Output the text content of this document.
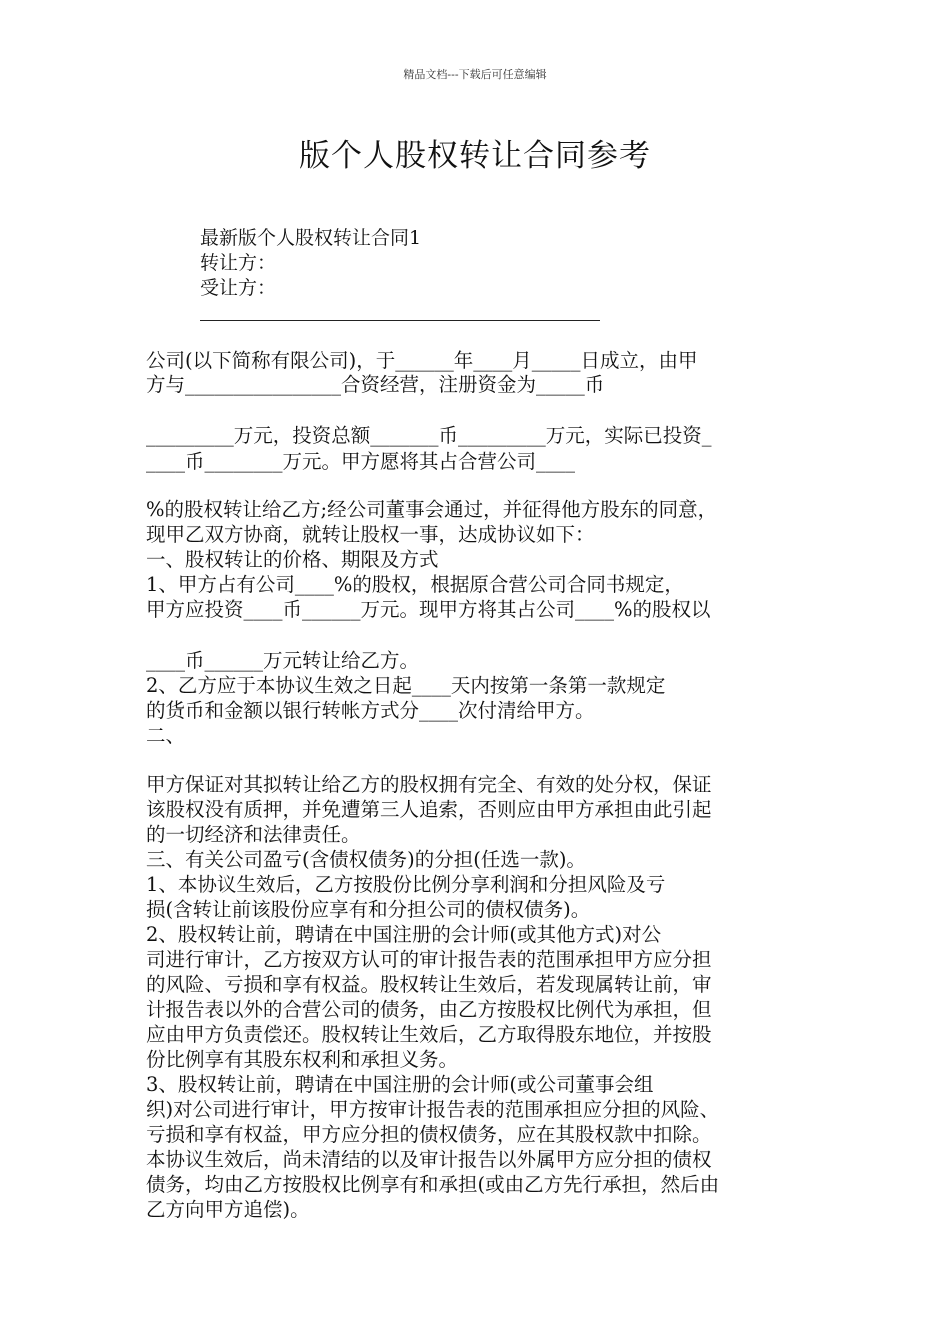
精品文档---下载后可任意编辑
版个人股权转让合同参考
最新版个人股权转让合同1
转让方：
受让方：
公司(以下简称有限公司)，于______年____月_____日成立，由甲
方与________________合资经营，注册资金为_____币
_________万元，投资总额_______币_________万元，实际已投资_
____币________万元。甲方愿将其占合营公司____
%的股权转让给乙方;经公司董事会通过，并征得他方股东的同意，
现甲乙双方协商，就转让股权一事，达成协议如下：
一、股权转让的价格、期限及方式
1、甲方占有公司____%的股权，根据原合营公司合同书规定，
甲方应投资____币______万元。现甲方将其占公司____%的股权以
____币______万元转让给乙方。
2、乙方应于本协议生效之日起____天内按第一条第一款规定
的货币和金额以银行转帐方式分____次付清给甲方。
二、
甲方保证对其拟转让给乙方的股权拥有完全、有效的处分权，保证
该股权没有质押，并免遭第三人追索，否则应由甲方承担由此引起
的一切经济和法律责任。
三、有关公司盈亏(含债权债务)的分担(任选一款)。
1、本协议生效后，乙方按股份比例分享利润和分担风险及亏
损(含转让前该股份应享有和分担公司的债权债务)。
2、股权转让前，聘请在中国注册的会计师(或其他方式)对公
司进行审计，乙方按双方认可的审计报告表的范围承担甲方应分担
的风险、亏损和享有权益。股权转让生效后，若发现属转让前，审
计报告表以外的合营公司的债务，由乙方按股权比例代为承担，但
应由甲方负责偿还。股权转让生效后，乙方取得股东地位，并按股
份比例享有其股东权利和承担义务。
3、股权转让前，聘请在中国注册的会计师(或公司董事会组
织)对公司进行审计，甲方按审计报告表的范围承担应分担的风险、
亏损和享有权益，甲方应分担的债权债务，应在其股权款中扣除。
本协议生效后，尚未清结的以及审计报告以外属甲方应分担的债权
债务，均由乙方按股权比例享有和承担(或由乙方先行承担，然后由
乙方向甲方追偿)。
